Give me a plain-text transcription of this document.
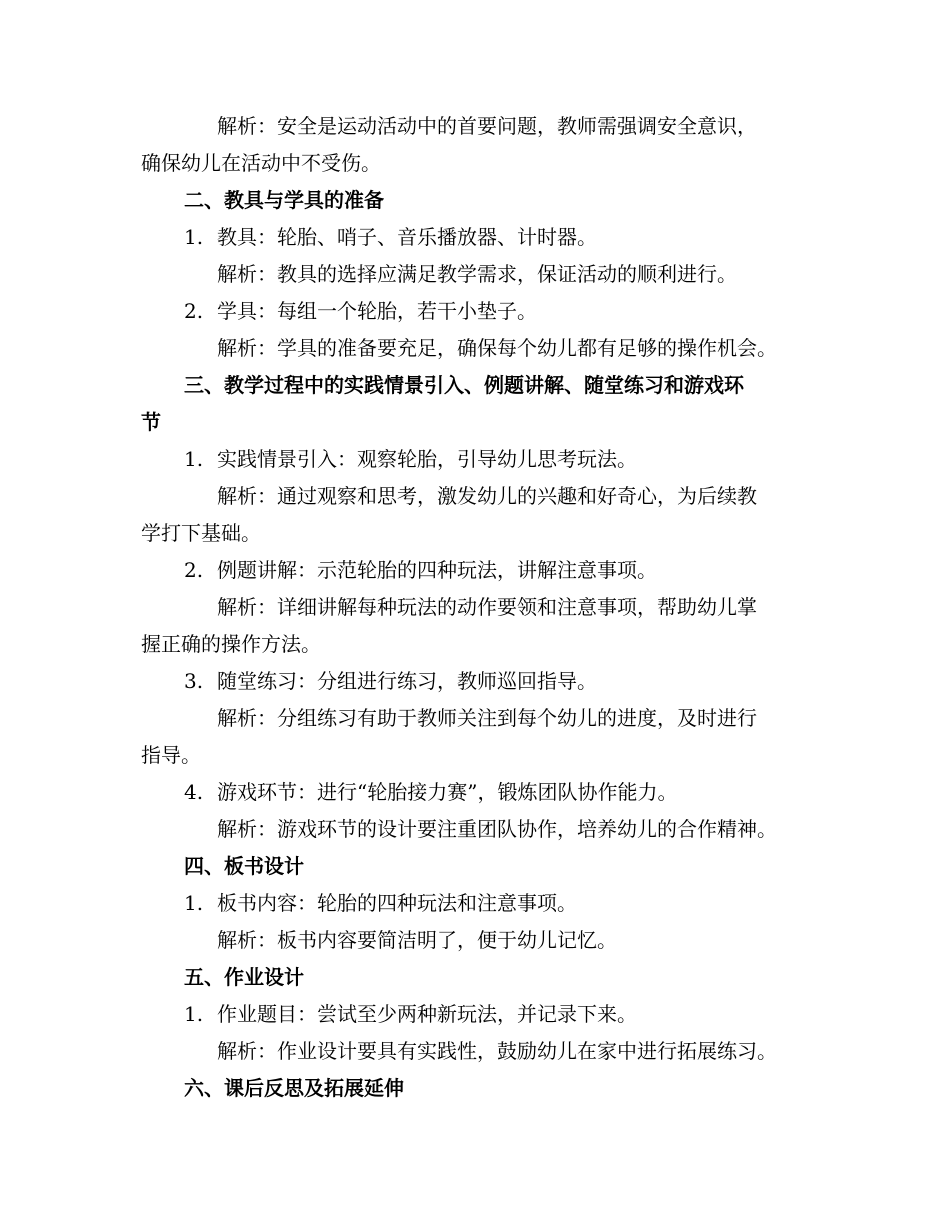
解析：安全是运动活动中的首要问题，教师需强调安全意识，
确保幼儿在活动中不受伤。
二、教具与学具的准备
1. 教具：轮胎、哨子、音乐播放器、计时器。
解析：教具的选择应满足教学需求，保证活动的顺利进行。
2. 学具：每组一个轮胎，若干小垫子。
解析：学具的准备要充足，确保每个幼儿都有足够的操作机会。
三、教学过程中的实践情景引入、例题讲解、随堂练习和游戏环
节
1. 实践情景引入：观察轮胎，引导幼儿思考玩法。
解析：通过观察和思考，激发幼儿的兴趣和好奇心，为后续教
学打下基础。
2. 例题讲解：示范轮胎的四种玩法，讲解注意事项。
解析：详细讲解每种玩法的动作要领和注意事项，帮助幼儿掌
握正确的操作方法。
3. 随堂练习：分组进行练习，教师巡回指导。
解析：分组练习有助于教师关注到每个幼儿的进度，及时进行
指导。
4. 游戏环节：进行“轮胎接力赛”，锻炼团队协作能力。
解析：游戏环节的设计要注重团队协作，培养幼儿的合作精神。
四、板书设计
1. 板书内容：轮胎的四种玩法和注意事项。
解析：板书内容要简洁明了，便于幼儿记忆。
五、作业设计
1. 作业题目：尝试至少两种新玩法，并记录下来。
解析：作业设计要具有实践性，鼓励幼儿在家中进行拓展练习。
六、课后反思及拓展延伸
